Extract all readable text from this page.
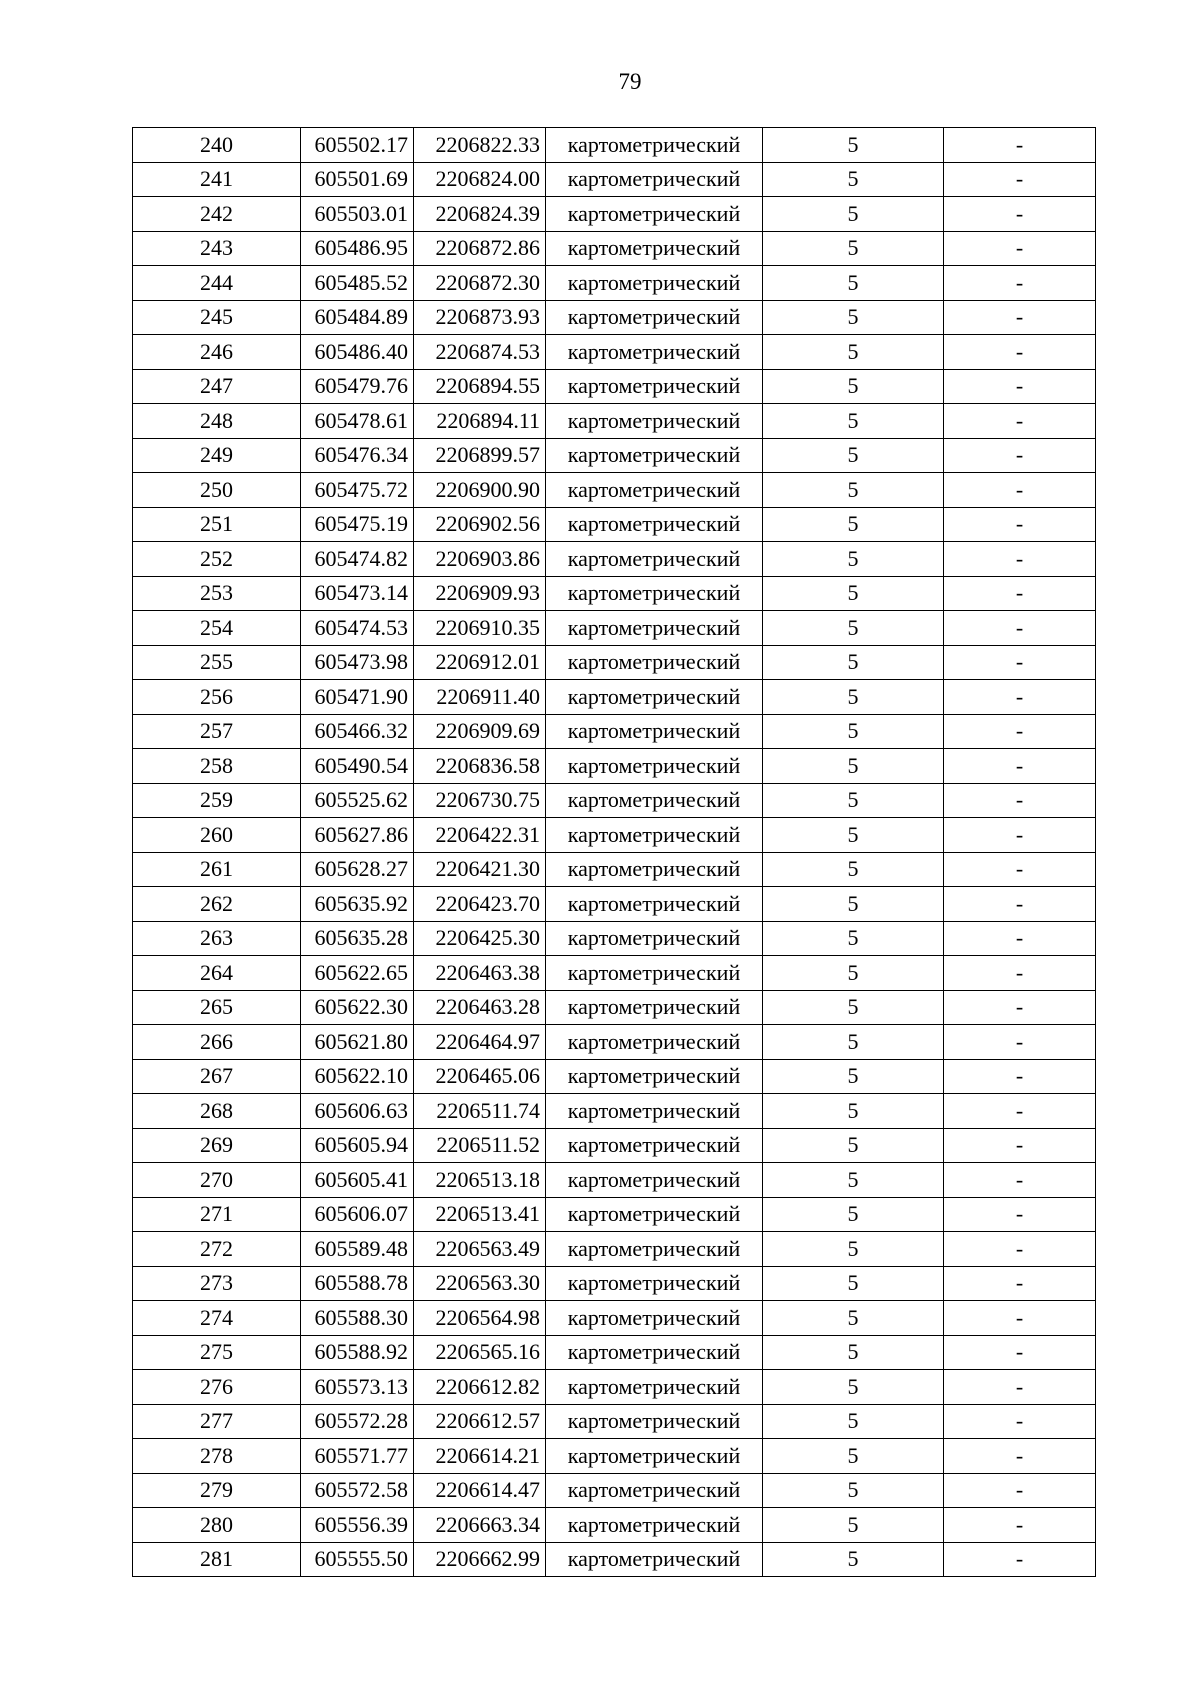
79
240	605502.17	2206822.33	картометрический	5	-
241	605501.69	2206824.00	картометрический	5	-
242	605503.01	2206824.39	картометрический	5	-
243	605486.95	2206872.86	картометрический	5	-
244	605485.52	2206872.30	картометрический	5	-
245	605484.89	2206873.93	картометрический	5	-
246	605486.40	2206874.53	картометрический	5	-
247	605479.76	2206894.55	картометрический	5	-
248	605478.61	2206894.11	картометрический	5	-
249	605476.34	2206899.57	картометрический	5	-
250	605475.72	2206900.90	картометрический	5	-
251	605475.19	2206902.56	картометрический	5	-
252	605474.82	2206903.86	картометрический	5	-
253	605473.14	2206909.93	картометрический	5	-
254	605474.53	2206910.35	картометрический	5	-
255	605473.98	2206912.01	картометрический	5	-
256	605471.90	2206911.40	картометрический	5	-
257	605466.32	2206909.69	картометрический	5	-
258	605490.54	2206836.58	картометрический	5	-
259	605525.62	2206730.75	картометрический	5	-
260	605627.86	2206422.31	картометрический	5	-
261	605628.27	2206421.30	картометрический	5	-
262	605635.92	2206423.70	картометрический	5	-
263	605635.28	2206425.30	картометрический	5	-
264	605622.65	2206463.38	картометрический	5	-
265	605622.30	2206463.28	картометрический	5	-
266	605621.80	2206464.97	картометрический	5	-
267	605622.10	2206465.06	картометрический	5	-
268	605606.63	2206511.74	картометрический	5	-
269	605605.94	2206511.52	картометрический	5	-
270	605605.41	2206513.18	картометрический	5	-
271	605606.07	2206513.41	картометрический	5	-
272	605589.48	2206563.49	картометрический	5	-
273	605588.78	2206563.30	картометрический	5	-
274	605588.30	2206564.98	картометрический	5	-
275	605588.92	2206565.16	картометрический	5	-
276	605573.13	2206612.82	картометрический	5	-
277	605572.28	2206612.57	картометрический	5	-
278	605571.77	2206614.21	картометрический	5	-
279	605572.58	2206614.47	картометрический	5	-
280	605556.39	2206663.34	картометрический	5	-
281	605555.50	2206662.99	картометрический	5	-
